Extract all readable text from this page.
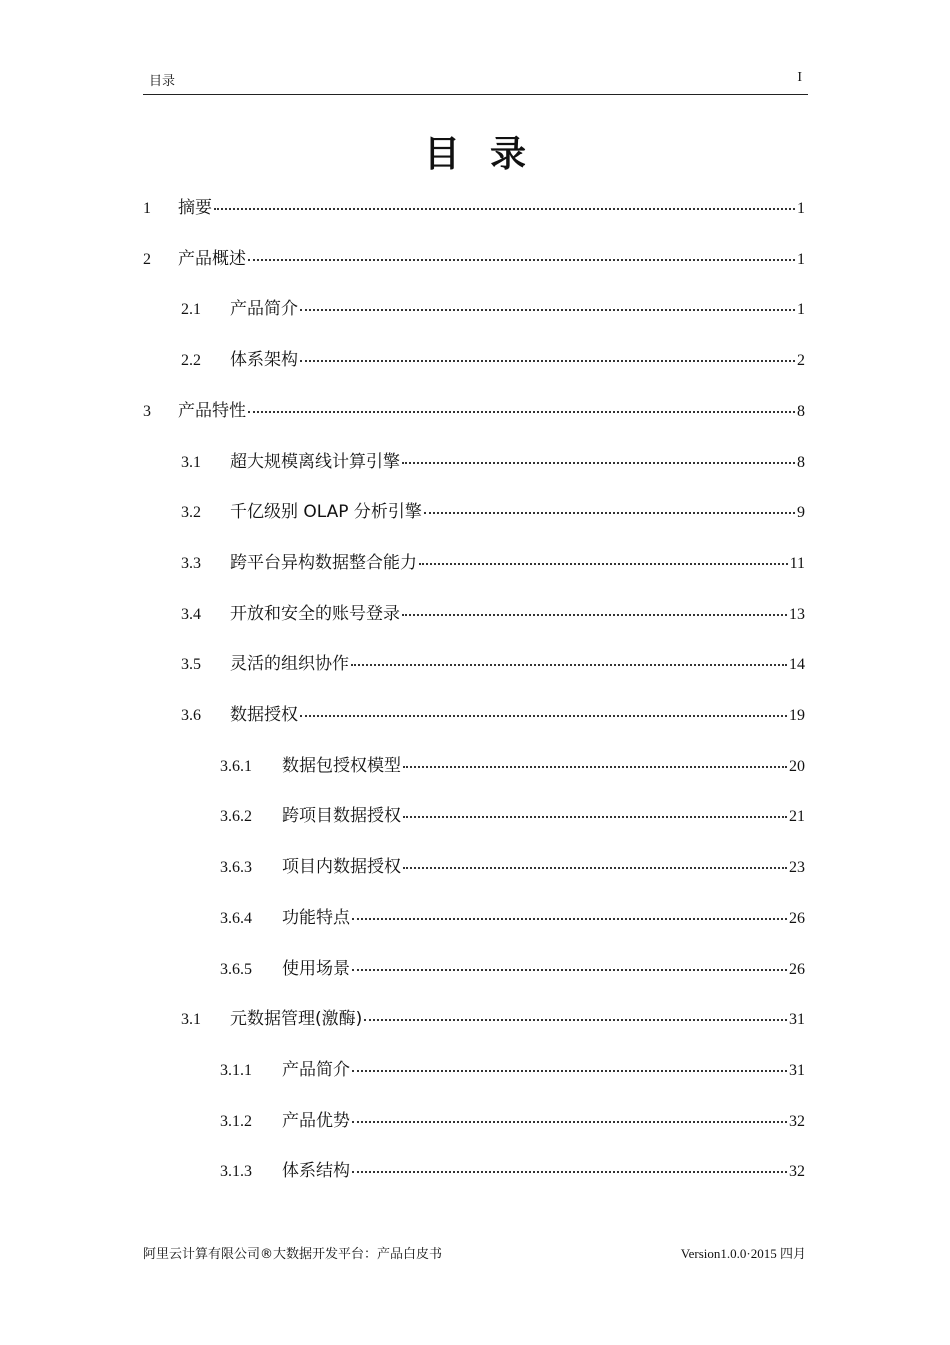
目录	I
目录
1	摘要	1
2	产品概述	1
2.1	产品简介	1
2.2	体系架构	2
3	产品特性	8
3.1	超大规模离线计算引擎	8
3.2	千亿级别 OLAP 分析引擎	9
3.3	跨平台异构数据整合能力	11
3.4	开放和安全的账号登录	13
3.5	灵活的组织协作	14
3.6	数据授权	19
3.6.1	数据包授权模型	20
3.6.2	跨项目数据授权	21
3.6.3	项目内数据授权	23
3.6.4	功能特点	26
3.6.5	使用场景	26
3.1	元数据管理(激酶)	31
3.1.1	产品简介	31
3.1.2	产品优势	32
3.1.3	体系结构	32
阿里云计算有限公司®大数据开发平台：产品白皮书	Version1.0.0·2015 四月
